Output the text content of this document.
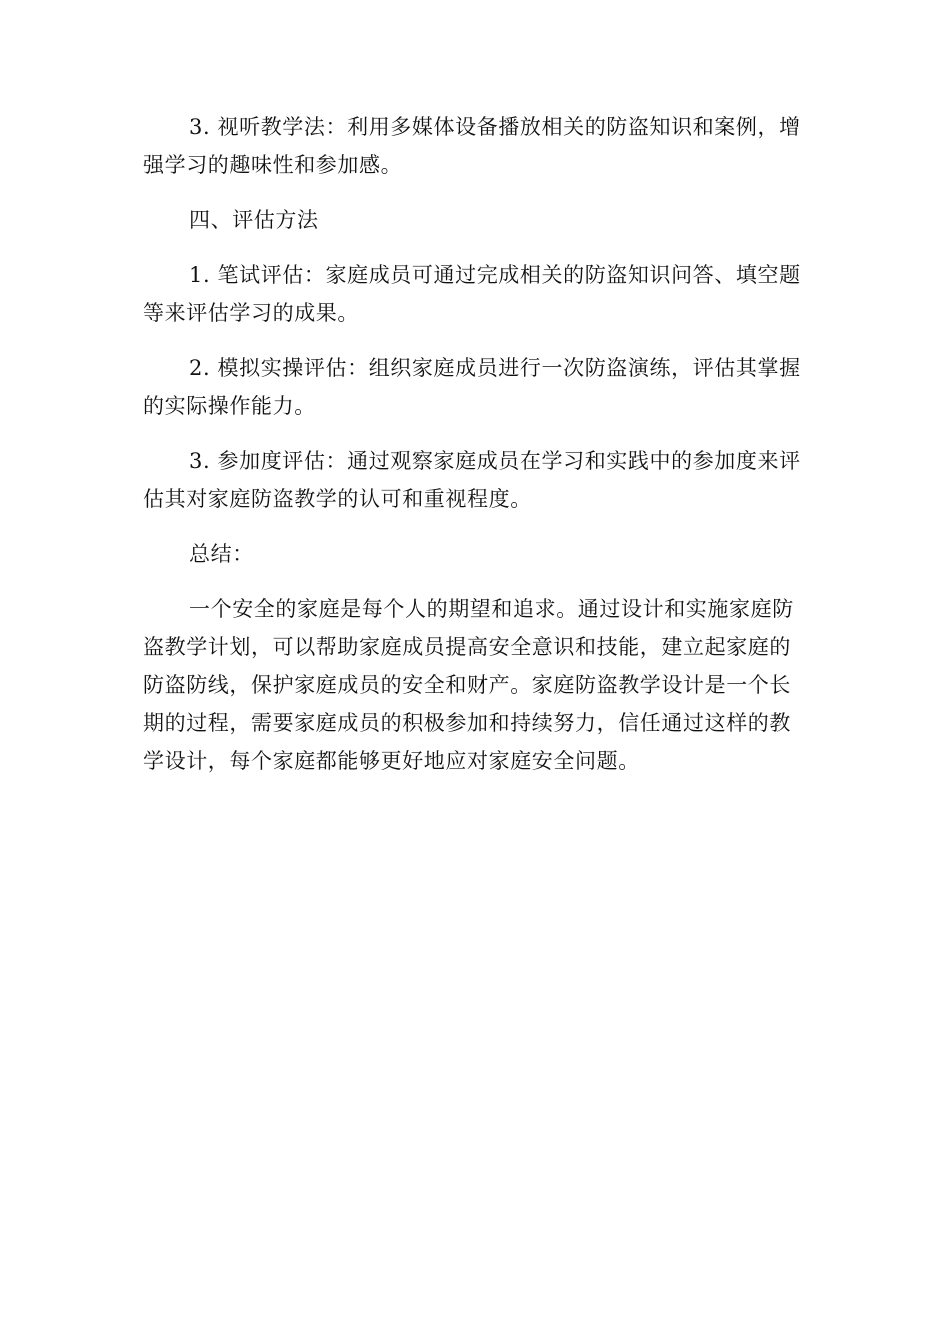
3. 视听教学法：利用多媒体设备播放相关的防盗知识和案例，增强学习的趣味性和参加感。

四、评估方法

1. 笔试评估：家庭成员可通过完成相关的防盗知识问答、填空题等来评估学习的成果。

2. 模拟实操评估：组织家庭成员进行一次防盗演练，评估其掌握的实际操作能力。

3. 参加度评估：通过观察家庭成员在学习和实践中的参加度来评估其对家庭防盗教学的认可和重视程度。

总结：

一个安全的家庭是每个人的期望和追求。通过设计和实施家庭防盗教学计划，可以帮助家庭成员提高安全意识和技能，建立起家庭的防盗防线，保护家庭成员的安全和财产。家庭防盗教学设计是一个长期的过程，需要家庭成员的积极参加和持续努力，信任通过这样的教学设计，每个家庭都能够更好地应对家庭安全问题。
